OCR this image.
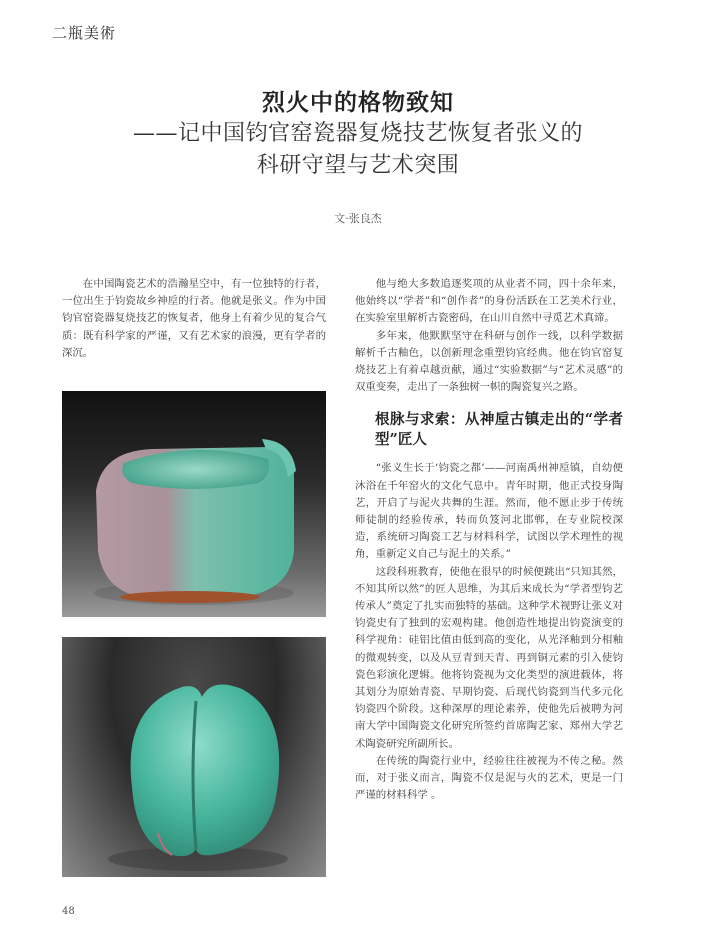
二瓶美術
烈火中的格物致知
——记中国钧官窑瓷器复烧技艺恢复者张义的
科研守望与艺术突围
文·张良杰

在中国陶瓷艺术的浩瀚星空中，有一位独特的行者，一位出生于钧瓷故乡神垕的行者。他就是张义。作为中国钧官窑瓷器复烧技艺的恢复者，他身上有着少见的复合气质：既有科学家的严谨，又有艺术家的浪漫，更有学者的深沉。

他与绝大多数追逐奖项的从业者不同，四十余年来，他始终以“学者”和“创作者”的身份活跃在工艺美术行业，在实验室里解析古瓷密码，在山川自然中寻觅艺术真谛。

多年来，他默默坚守在科研与创作一线，以科学数据解析千古釉色，以创新理念重塑钧官经典。他在钧官窑复烧技艺上有着卓越贡献，通过“实验数据”与“艺术灵感”的双重变奏，走出了一条独树一帜的陶瓷复兴之路。

根脉与求索：从神垕古镇走出的“学者型”匠人

“张义生长于‘钧瓷之都’——河南禹州神垕镇，自幼便沐浴在千年窑火的文化气息中。青年时期，他正式投身陶艺，开启了与泥火共舞的生涯。然而，他不愿止步于传统师徒制的经验传承，转而负笈河北邯郸，在专业院校深造，系统研习陶瓷工艺与材料科学，试图以学术理性的视角，重新定义自己与泥土的关系。”

这段科班教育，使他在很早的时候便跳出“只知其然，不知其所以然”的匠人思维，为其后来成长为“学者型钧艺传承人”奠定了扎实而独特的基础。这种学术视野让张义对钧瓷史有了独到的宏观构建。他创造性地提出钧瓷演变的科学视角：硅铝比值由低到高的变化，从光泽釉到分相釉的微观转变，以及从豆青到天青、再到铜元素的引入使钧瓷色彩演化逻辑。他将钧瓷视为文化类型的演进载体，将其划分为原始青瓷、早期钧瓷、后现代钧瓷到当代多元化钧瓷四个阶段。这种深厚的理论素养，使他先后被聘为河南大学中国陶瓷文化研究所签约首席陶艺家、郑州大学艺术陶瓷研究所副所长。

在传统的陶瓷行业中，经验往往被视为不传之秘。然而，对于张义而言，陶瓷不仅是泥与火的艺术，更是一门严谨的材料科学 。

48
